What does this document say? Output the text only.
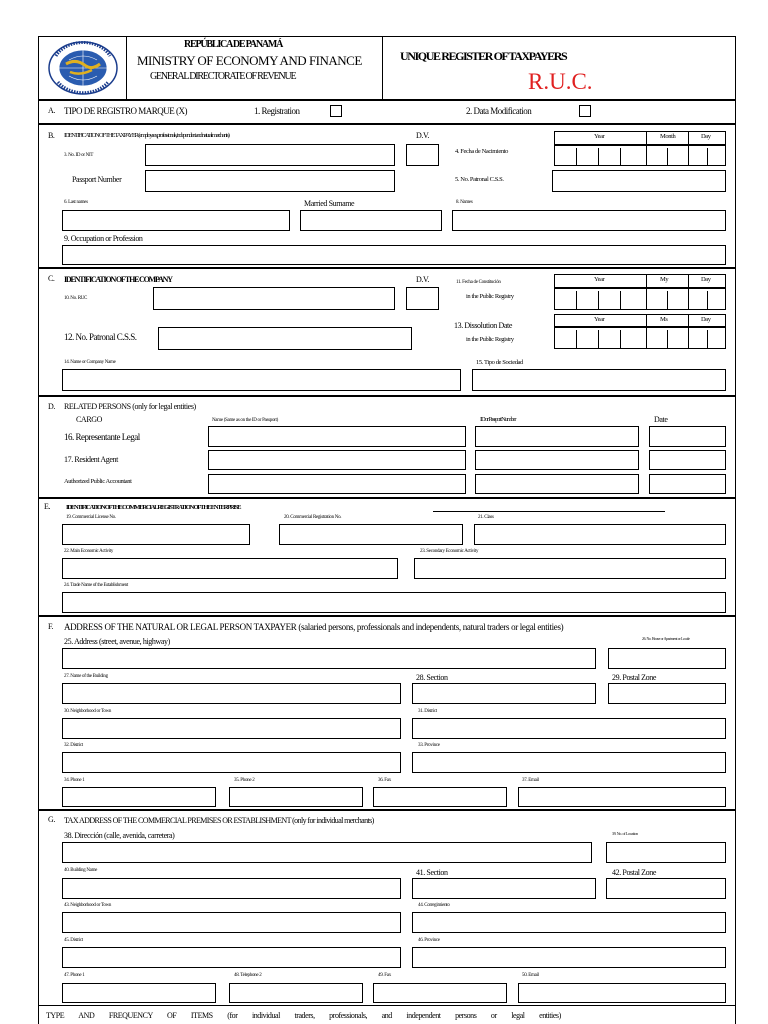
REPÚBLICA DE PANAMÁ
MINISTRY OF ECONOMY AND FINANCE
GENERAL DIRECTORATE OF REVENUE
UNIQUE REGISTER OF TAXPAYERS
R.U.C.
A. TIPO DE REGISTRO MARQUE (X)	1. Registration	2. Data Modification
B. IDENTIFICATION OF THE TAXPAYER (employees, professionals, independent and natural merchants)	D.V.	Year	Month	Day
3. No. ID or NIT
4. Fecha de Nacimiento
Passport Number	5. No. Patronal C.S.S.
6. Last names	Married Surname	8. Names
9. Occupation or Profession
C. IDENTIFICATION OF THE COMPANY	D.V.	11. Fecha de Constitución	Year	My	Day
10. No. RUC	in the Public Registry
Year	Ms	Day
12. No. Patronal C.S.S.
13. Dissolution Date
in the Public Registry
14. Name or Company Name	15. Tipo de Sociedad
D. RELATED PERSONS (only for legal entities)
CARGO	Name (Same as on the ID or Passport)	ID or Passport Number	Date
16. Representante Legal
17. Resident Agent
Authorized Public Accountant
E. IDENTIFICATION OF THE COMMERCIAL REGISTRATION OF THE ENTERPRISE
19. Commercial License No.	20. Commercial Registration No.	21. Class
22. Main Economic Activity	23. Secondary Economic Activity
24. Trade Name of the Establishment
F. ADDRESS OF THE NATURAL OR LEGAL PERSON TAXPAYER (salaried persons, professionals and independents, natural traders or legal entities)
25. Address (street, avenue, highway)	26. No. House or Apartment or Locale
27. Name of the Building	28. Section	29. Postal Zone
30. Neighborhood or Town	31. District
32. District	33. Province
34. Phone 1	35. Phone 2	36. Fax	37. Email
G. TAX ADDRESS OF THE COMMERCIAL PREMISES OR ESTABLISHMENT (only for individual merchants)
38. Dirección (calle, avenida, carretera)	39. No. of Location
40. Building Name	41. Section	42. Postal Zone
43. Neighborhood or Town	44. Corregimiento
45. District	46. Province
47. Phone 1	48. Telephone 2	49. Fax	50. Email
TYPE AND FREQUENCY OF ITEMS (for individual traders, professionals, and independent persons or legal entities)
